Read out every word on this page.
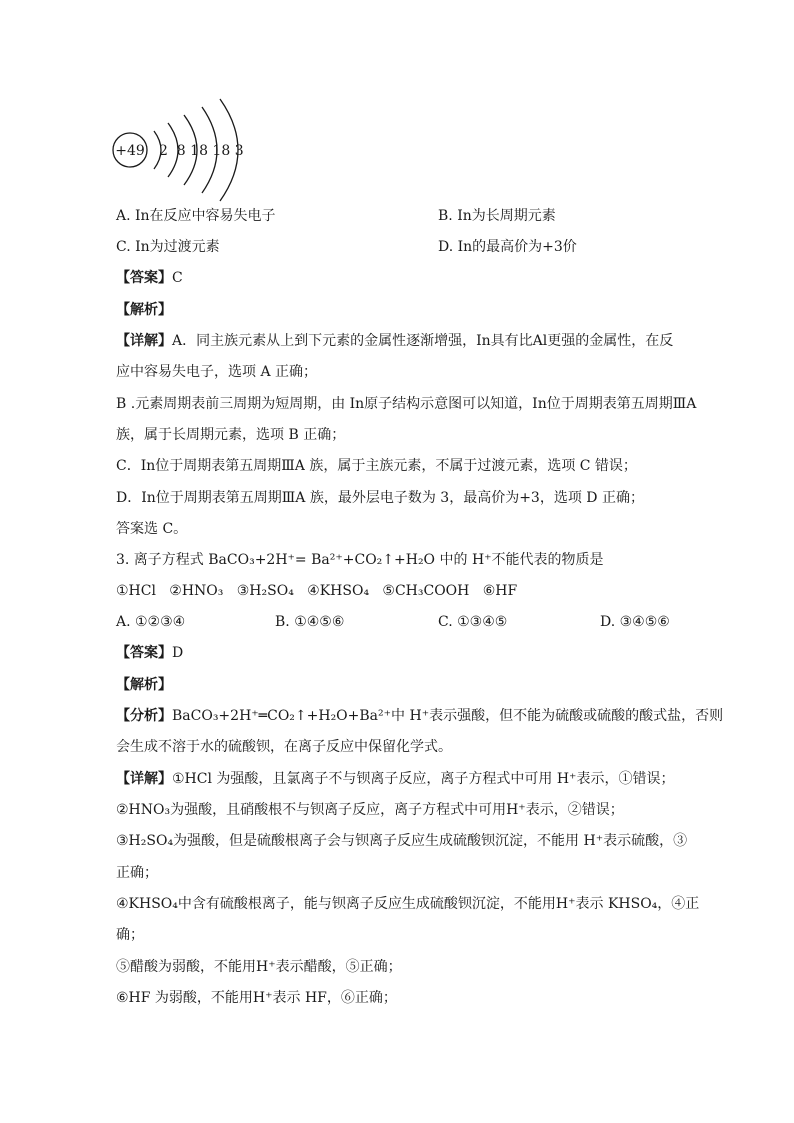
+49 2  8 18 18 3
A. In在反应中容易失电子	B. In为长周期元素
C. In为过渡元素	D. In的最高价为+3价
【答案】C
【解析】
【详解】A．同主族元素从上到下元素的金属性逐渐增强，In具有比Al更强的金属性，在反
应中容易失电子，选项 A 正确；
B .元素周期表前三周期为短周期，由 In原子结构示意图可以知道，In位于周期表第五周期ⅢA
族，属于长周期元素，选项 B 正确；
C．In位于周期表第五周期ⅢA 族，属于主族元素，不属于过渡元素，选项 C 错误；
D．In位于周期表第五周期ⅢA 族，最外层电子数为 3，最高价为+3，选项 D 正确；
答案选 C。
3. 离子方程式 BaCO₃+2H⁺= Ba²⁺+CO₂↑+H₂O 中的 H⁺不能代表的物质是
①HCl   ②HNO₃   ③H₂SO₄   ④KHSO₄   ⑤CH₃COOH   ⑥HF
A. ①②③④	B. ①④⑤⑥	C. ①③④⑤	D. ③④⑤⑥
【答案】D
【解析】
【分析】BaCO₃+2H⁺═CO₂↑+H₂O+Ba²⁺中 H⁺表示强酸，但不能为硫酸或硫酸的酸式盐，否则
会生成不溶于水的硫酸钡，在离子反应中保留化学式。
【详解】①HCl 为强酸，且氯离子不与钡离子反应，离子方程式中可用 H⁺表示，①错误；
②HNO₃为强酸，且硝酸根不与钡离子反应，离子方程式中可用H⁺表示，②错误；
③H₂SO₄为强酸，但是硫酸根离子会与钡离子反应生成硫酸钡沉淀，不能用 H⁺表示硫酸，③
正确；
④KHSO₄中含有硫酸根离子，能与钡离子反应生成硫酸钡沉淀，不能用H⁺表示 KHSO₄，④正
确；
⑤醋酸为弱酸，不能用H⁺表示醋酸，⑤正确；
⑥HF 为弱酸，不能用H⁺表示 HF，⑥正确；
